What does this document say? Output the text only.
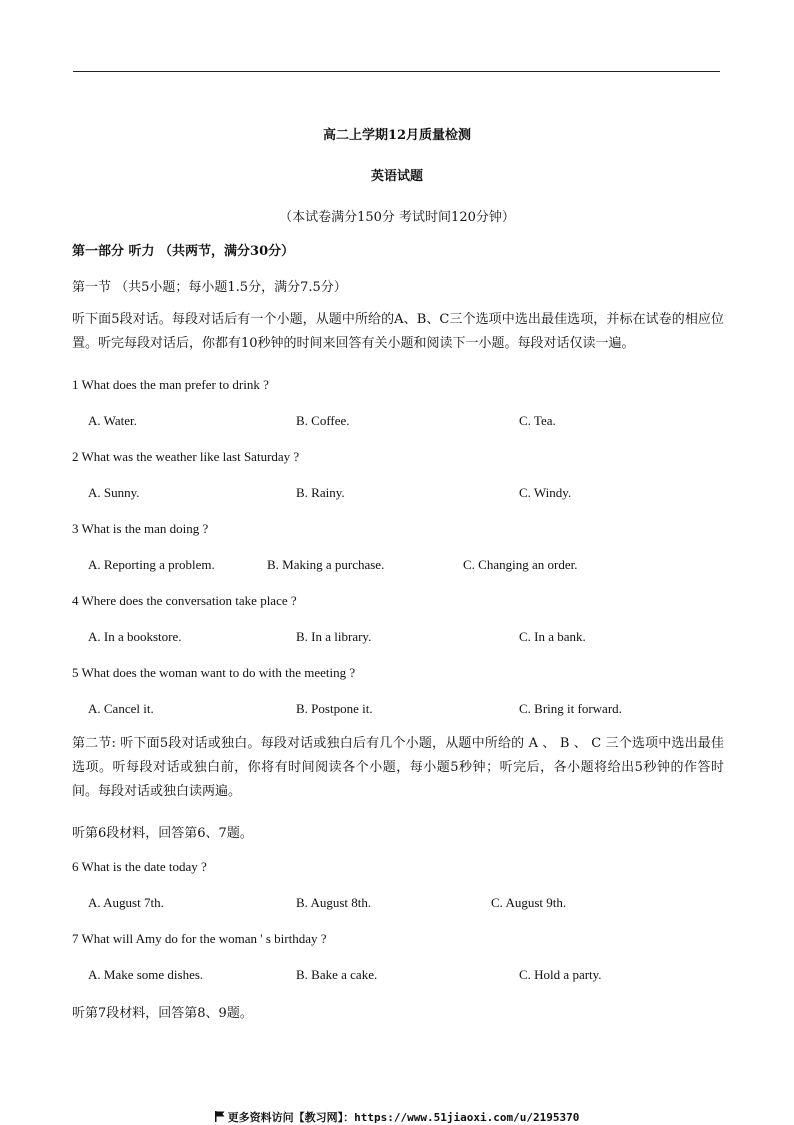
高二上学期12月质量检测
英语试题
（本试卷满分150分 考试时间120分钟）
第一部分 听力 （共两节，满分30分）
第一节 （共5小题；每小题1.5分，满分7.5分）
听下面5段对话。每段对话后有一个小题，从题中所给的A、B、C三个选项中选出最佳选项，并标在试卷的相应位置。听完每段对话后，你都有10秒钟的时间来回答有关小题和阅读下一小题。每段对话仅读一遍。
1 What does the man prefer to drink ?
A. Water.	B. Coffee.	C. Tea.
2 What was the weather like last Saturday ?
A. Sunny.	B. Rainy.	C. Windy.
3 What is the man doing ?
A. Reporting a problem.	B. Making a purchase.	C. Changing an order.
4 Where does the conversation take place ?
A. In a bookstore.	B. In a library.	C. In a bank.
5 What does the woman want to do with the meeting ?
A. Cancel it.	B. Postpone it.	C. Bring it forward.
第二节: 听下面5段对话或独白。每段对话或独白后有几个小题，从题中所给的 A 、 B 、 C 三个选项中选出最佳选项。听每段对话或独白前，你将有时间阅读各个小题，每小题5秒钟；听完后，各小题将给出5秒钟的作答时间。每段对话或独白读两遍。
听第6段材料，回答第6、7题。
6 What is the date today ?
A. August 7th.	B. August 8th.	C. August 9th.
7 What will Amy do for the woman ' s birthday ?
A. Make some dishes.	B. Bake a cake.	C. Hold a party.
听第7段材料，回答第8、9题。
更多资料访问【教习网】：https://www.51jiaoxi.com/u/2195370
